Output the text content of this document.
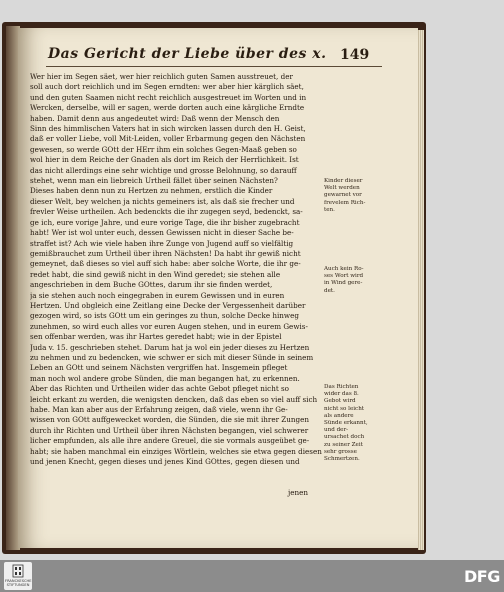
Das Gericht der Liebe über des x. 149
Wer hier im Segen säet, wer hier reichlich guten Samen ausstreuet, der
soll auch dort reichlich und im Segen erndten: wer aber hier kärglich säet,
und den guten Saamen nicht recht reichlich ausgestreuet im Worten und in
Wercken, derselbe, will er sagen, werde dorten auch eine kärgliche Erndte
haben. Damit denn aus angedeutet wird: Daß wenn der Mensch den
Sinn des himmlischen Vaters hat in sich wircken lassen durch den H. Geist,
daß er voller Liebe, voll Mit-Leiden, voller Erbarmung gegen den Nächsten
gewesen, so werde GOtt der HErr ihm ein solches Gegen-Maaß geben so
wol hier in dem Reiche der Gnaden als dort im Reich der Herrlichkeit. Ist
das nicht allerdings eine sehr wichtige und grosse Belohnung, so darauff
stehet, wenn man ein liebreich Urtheil fället über seinen Nächsten?
Dieses haben denn nun zu Hertzen zu nehmen, erstlich die Kinder
dieser Welt, bey welchen ja nichts gemeiners ist, als daß sie frecher und
frevler Weise urtheilen. Ach bedenckts die ihr zugegen seyd, bedenckt, sa-
ge ich, eure vorige Jahre, und eure vorige Tage, die ihr bisher zugebracht
habt! Wer ist wol unter euch, dessen Gewissen nicht in dieser Sache be-
straffet ist? Ach wie viele haben ihre Zunge von Jugend auff so vielfältig
gemißbrauchet zum Urtheil über ihren Nächsten! Da habt ihr gewiß nicht
gemeynet, daß dieses so viel auff sich habe: aber solche Worte, die ihr ge-
redet habt, die sind gewiß nicht in den Wind geredet; sie stehen alle
angeschrieben in dem Buche GOttes, darum ihr sie finden werdet,
ja sie stehen auch noch eingegraben in eurem Gewissen und in euren
Hertzen. Und obgleich eine Zeitlang eine Decke der Vergessenheit darüber
gezogen wird, so ists GOtt um ein geringes zu thun, solche Decke hinweg
zunehmen, so wird euch alles vor euren Augen stehen, und in eurem Gewis-
sen offenbar werden, was ihr Hartes geredet habt; wie in der Epistel
Juda v. 15. geschrieben stehet. Darum hat ja wol ein jeder dieses zu Hertzen
zu nehmen und zu bedencken, wie schwer er sich mit dieser Sünde in seinem
Leben an GOtt und seinem Nächsten vergriffen hat. Insgemein pfleget
man noch wol andere grobe Sünden, die man begangen hat, zu erkennen.
Aber das Richten und Urtheilen wider das achte Gebot pfleget nicht so
leicht erkant zu werden, die wenigsten dencken, daß das eben so viel auff sich
habe. Man kan aber aus der Erfahrung zeigen, daß viele, wenn ihr Ge-
wissen von GOtt auffgewecket worden, die Sünden, die sie mit ihrer Zungen
durch ihr Richten und Urtheil über ihren Nächsten begangen, viel schwerer
licher empfunden, als alle ihre andere Greuel, die sie vormals ausgeübet ge-
habt; sie haben manchmal ein einziges Wörtlein, welches sie etwa gegen diesen
und jenen Knecht, gegen dieses und jenes Kind GOttes, gegen diesen und
Kinder dieser
Welt werden
gewarnet vor
frevelem Rich-
ten.
Auch kein Ro-
ses Wort wird
in Wind gere-
det.
Das Richten
wider das 8.
Gebot wird
nicht so leicht
als andere
Sünde erkannt,
und der-
ursachet doch
zu seiner Zeit
sehr grosse
Schmertzen.
jenen
FRANCKESCHE STIFTUNGEN	DFG
